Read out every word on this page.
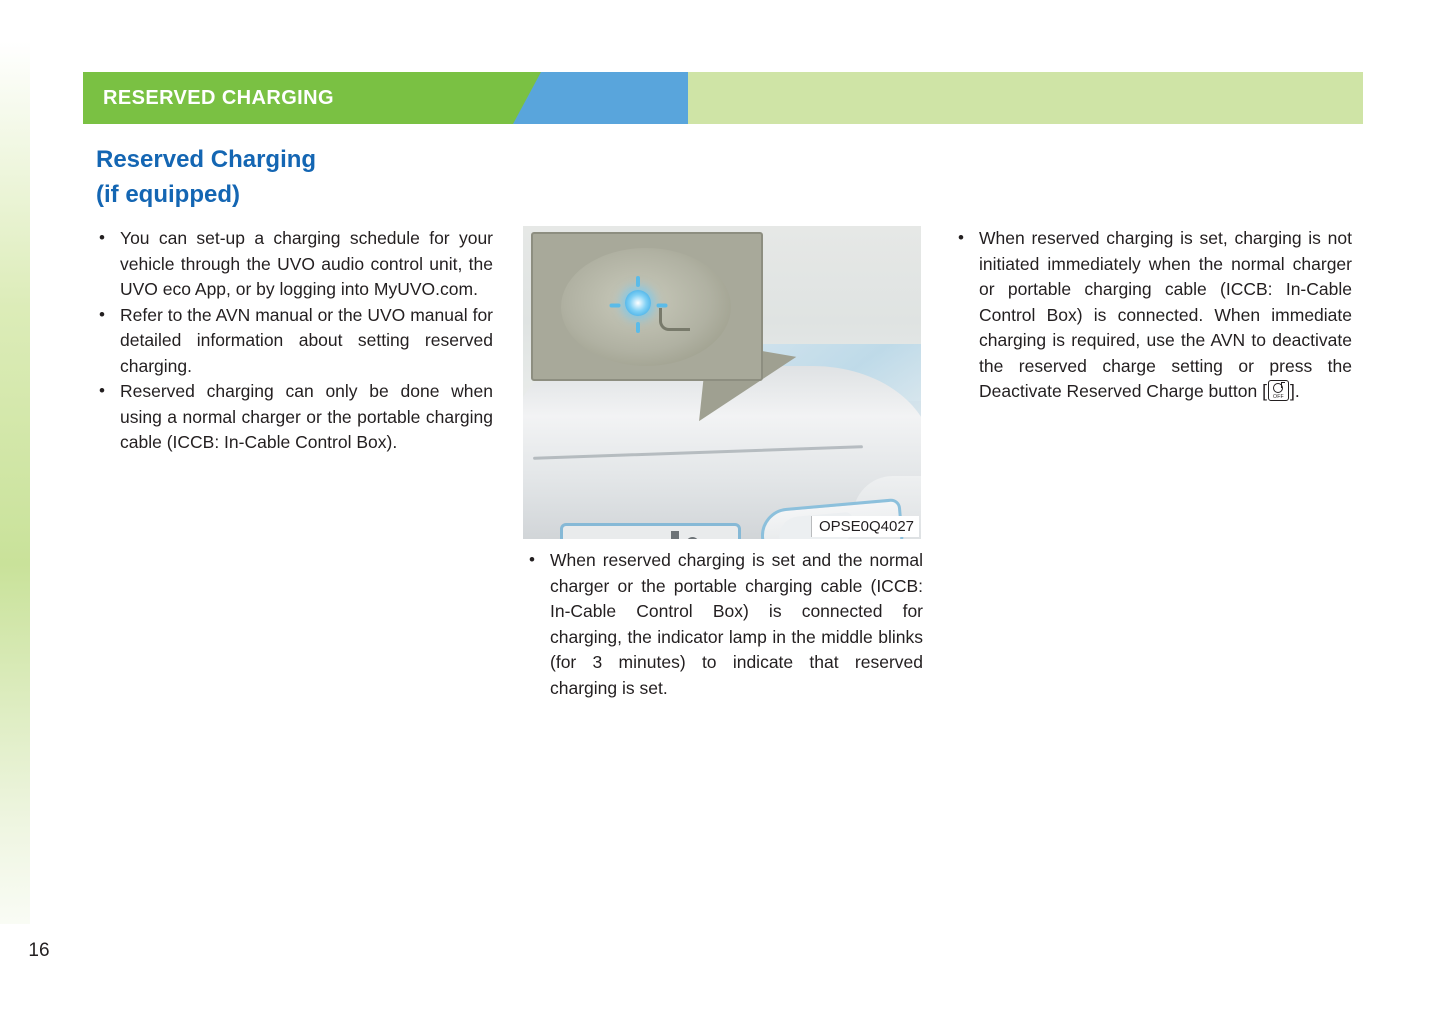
16
RESERVED CHARGING
Reserved Charging
(if equipped)

• You can set-up a charging schedule for your vehicle through the UVO audio control unit, the UVO eco App, or by logging into MyUVO.com.

• Refer to the AVN manual or the UVO manual for detailed information about setting reserved charging.

• Reserved charging can only be done when using a normal charger or the portable charging cable (ICCB: In-Cable Control Box).

OPSE0Q4027

• When reserved charging is set and the normal charger or the portable charging cable (ICCB: In-Cable Control Box) is connected for charging, the indicator lamp in the middle blinks (for 3 minutes) to indicate that reserved charging is set.

• When reserved charging is set, charging is not initiated immediately when the normal charger or portable charging cable (ICCB: In-Cable Control Box) is connected. When immediate charging is required, use the AVN to deactivate the reserved charge setting or press the Deactivate Reserved Charge button [	OFF ].
